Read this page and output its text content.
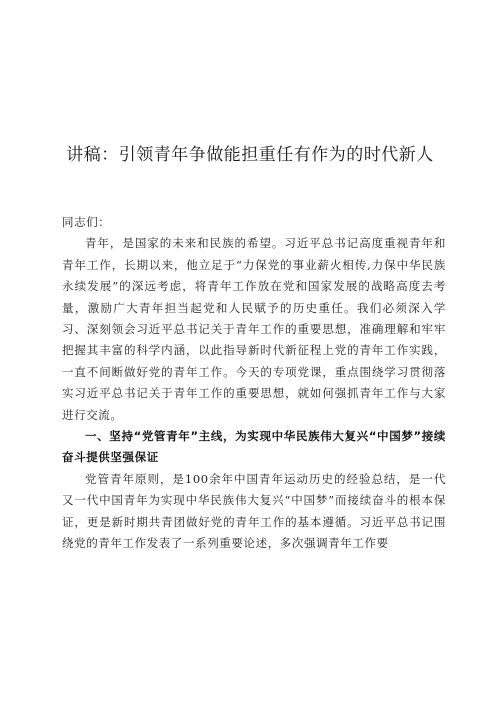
讲稿：引领青年争做能担重任有作为的时代新人

同志们：

青年，是国家的未来和民族的希望。习近平总书记高度重视青年和青年工作，长期以来，他立足于“力保党的事业薪火相传,力保中华民族永续发展”的深远考虑，将青年工作放在党和国家发展的战略高度去考量，激励广大青年担当起党和人民赋予的历史重任。我们必须深入学习、深刻领会习近平总书记关于青年工作的重要思想，准确理解和牢牢把握其丰富的科学内涵，以此指导新时代新征程上党的青年工作实践，一直不间断做好党的青年工作。今天的专项党课，重点围绕学习贯彻落实习近平总书记关于青年工作的重要思想，就如何强抓青年工作与大家进行交流。

一、坚持“党管青年”主线，为实现中华民族伟大复兴“中国梦”接续奋斗提供坚强保证

党管青年原则，是100余年中国青年运动历史的经验总结，是一代又一代中国青年为实现中华民族伟大复兴“中国梦”而接续奋斗的根本保证，更是新时期共青团做好党的青年工作的基本遵循。习近平总书记围绕党的青年工作发表了一系列重要论述，多次强调青年工作要
